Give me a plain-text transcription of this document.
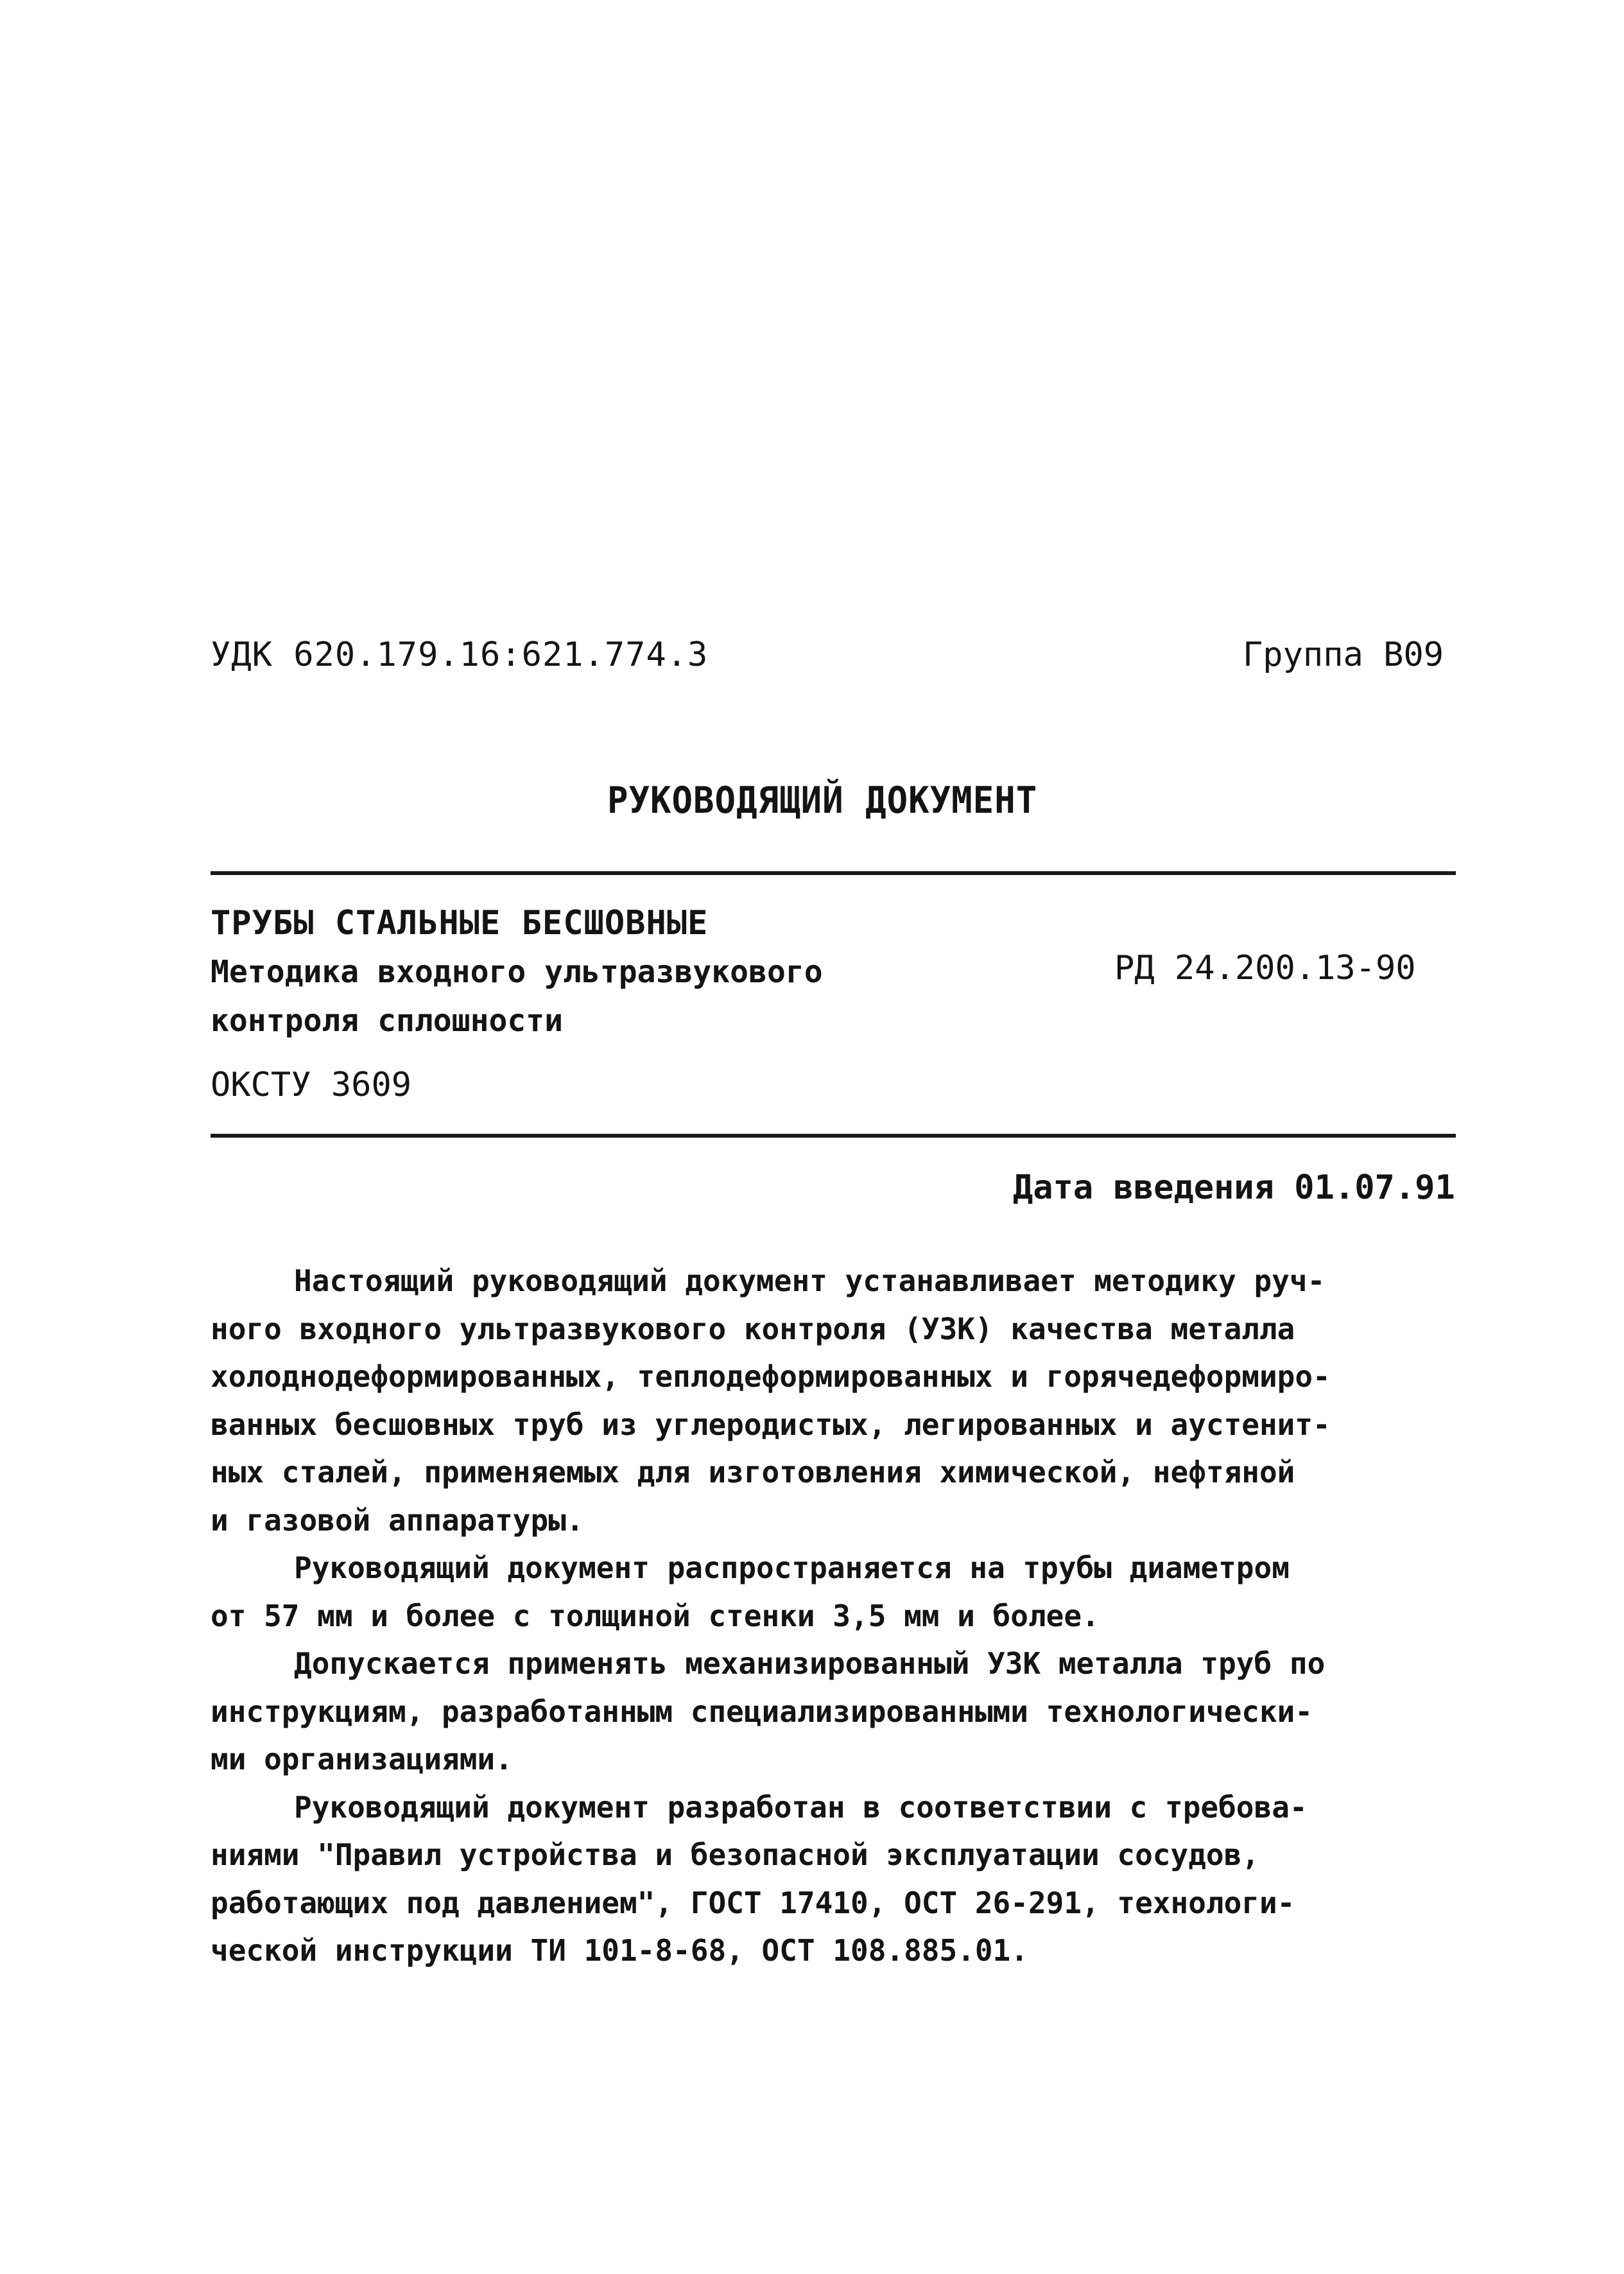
УДК 620.179.16:621.774.3	Группа В09
РУКОВОДЯЩИЙ ДОКУМЕНТ
ТРУБЫ СТАЛЬНЫЕ БЕСШОВНЫЕ
Методика входного ультразвукового
контроля сплошности
РД 24.200.13-90
ОКСТУ 3609
Дата введения 01.07.91
Настоящий руководящий документ устанавливает методику руч-
ного входного ультразвукового контроля (УЗК) качества металла
холоднодеформированных, теплодеформированных и горячедеформиро-
ванных бесшовных труб из углеродистых, легированных и аустенит-
ных сталей, применяемых для изготовления химической, нефтяной
и газовой аппаратуры.
Руководящий документ распространяется на трубы диаметром
от 57 мм и более с толщиной стенки 3,5 мм и более.
Допускается применять механизированный УЗК металла труб по
инструкциям, разработанным специализированными технологически-
ми организациями.
Руководящий документ разработан в соответствии с требова-
ниями "Правил устройства и безопасной эксплуатации сосудов,
работающих под давлением", ГОСТ 17410, ОСТ 26-291, технологи-
ческой инструкции ТИ 101-8-68, ОСТ 108.885.01.
